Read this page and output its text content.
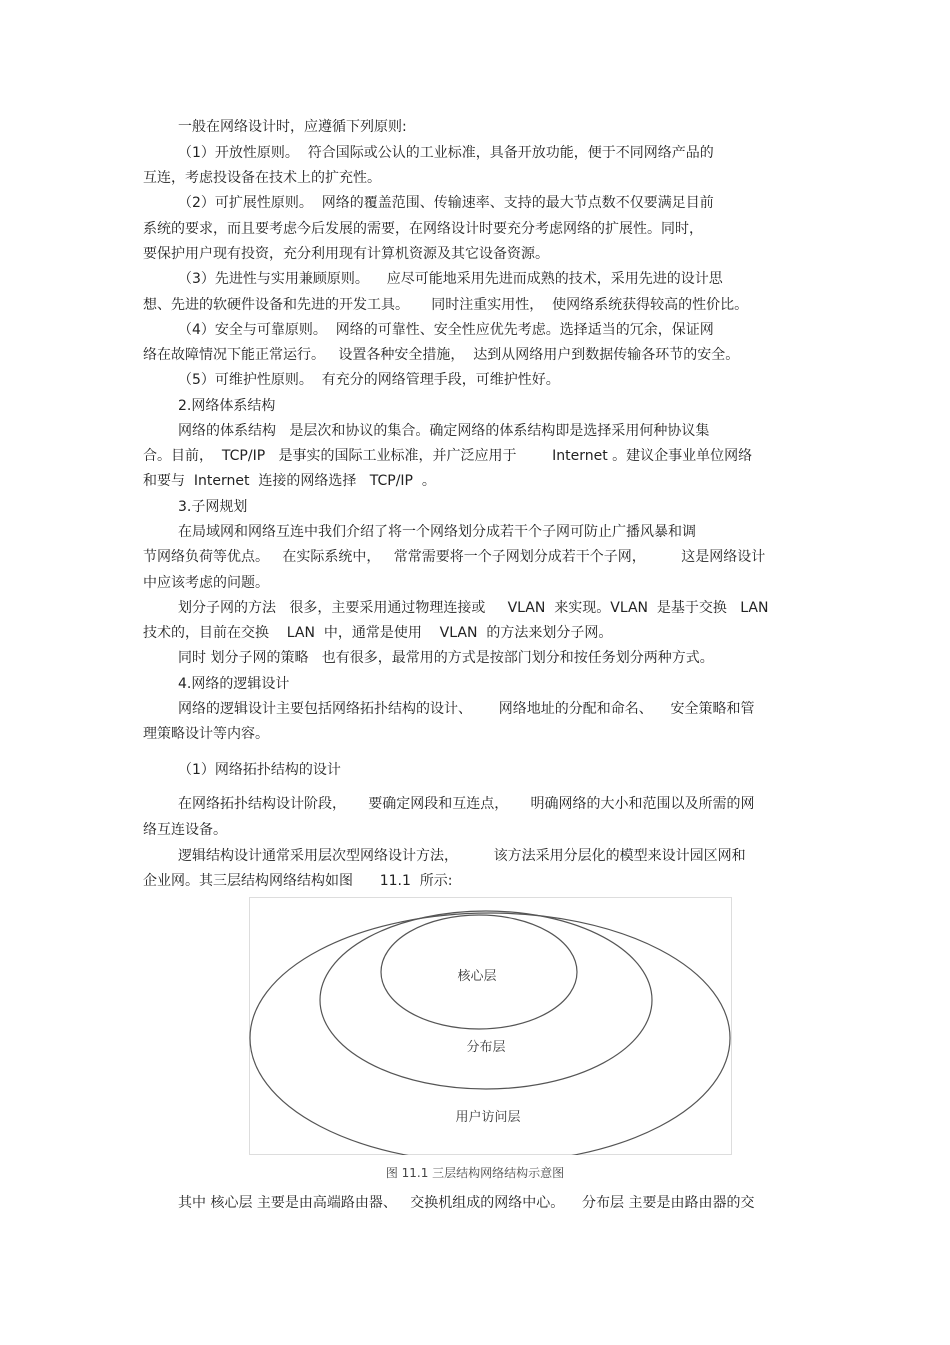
一般在网络设计时，应遵循下列原则:
（1）开放性原则。  符合国际或公认的工业标准，具备开放功能，便于不同网络产品的
互连，考虑投设备在技术上的扩充性。
（2）可扩展性原则。  网络的覆盖范围、传输速率、支持的最大节点数不仅要满足目前
系统的要求，而且要考虑今后发展的需要，在网络设计时要充分考虑网络的扩展性。同时，
要保护用户现有投资，充分利用现有计算机资源及其它设备资源。
（3）先进性与实用兼顾原则。    应尽可能地采用先进而成熟的技术，采用先进的设计思
想、先进的软硬件设备和先进的开发工具。     同时注重实用性，  使网络系统获得较高的性价比。
（4）安全与可靠原则。  网络的可靠性、安全性应优先考虑。选择适当的冗余，保证网
络在故障情况下能正常运行。   设置各种安全措施，  达到从网络用户到数据传输各环节的安全。
（5）可维护性原则。  有充分的网络管理手段，可维护性好。
2.网络体系结构
网络的体系结构   是层次和协议的集合。确定网络的体系结构即是选择采用何种协议集
合。目前，  TCP/IP   是事实的国际工业标准，并广泛应用于        Internet 。建议企事业单位网络
和要与  Internet  连接的网络选择   TCP/IP  。
3.子网规划
在局域网和网络互连中我们介绍了将一个网络划分成若干个子网可防止广播风暴和调
节网络负荷等优点。   在实际系统中，   常常需要将一个子网划分成若干个子网，        这是网络设计
中应该考虑的问题。
划分子网的方法   很多，主要采用通过物理连接或     VLAN  来实现。VLAN  是基于交换   LAN
技术的，目前在交换    LAN  中，通常是使用    VLAN  的方法来划分子网。
同时 划分子网的策略   也有很多，最常用的方式是按部门划分和按任务划分两种方式。
4.网络的逻辑设计
网络的逻辑设计主要包括网络拓扑结构的设计、      网络地址的分配和命名、    安全策略和管
理策略设计等内容。
（1）网络拓扑结构的设计
在网络拓扑结构设计阶段，     要确定网段和互连点，     明确网络的大小和范围以及所需的网
络互连设备。
逻辑结构设计通常采用层次型网络设计方法，        该方法采用分层化的模型来设计园区网和
企业网。其三层结构网络结构如图      11.1  所示:
其中 核心层 主要是由高端路由器、   交换机组成的网络中心。    分布层 主要是由路由器的交
核心层
分布层
用户访问层
图 11.1 三层结构网络结构示意图
